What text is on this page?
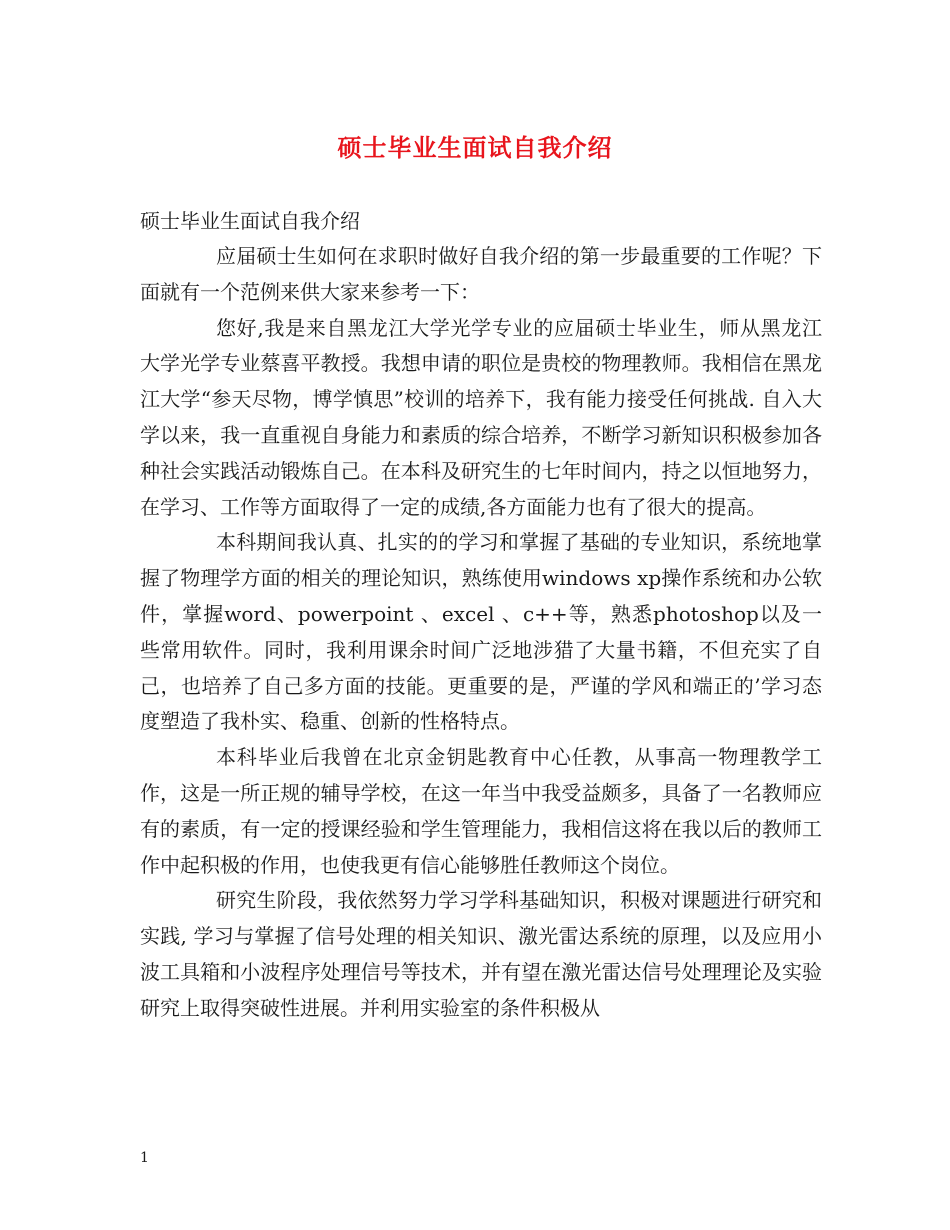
硕士毕业生面试自我介绍
硕士毕业生面试自我介绍

应届硕士生如何在求职时做好自我介绍的第一步最重要的工作呢？下面就有一个范例来供大家来参考一下：

您好,我是来自黑龙江大学光学专业的应届硕士毕业生，师从黑龙江大学光学专业蔡喜平教授。我想申请的职位是贵校的物理教师。我相信在黑龙江大学“参天尽物，博学慎思”校训的培养下，我有能力接受任何挑战. 自入大学以来，我一直重视自身能力和素质的综合培养，不断学习新知识积极参加各种社会实践活动锻炼自己。在本科及研究生的七年时间内，持之以恒地努力，在学习、工作等方面取得了一定的成绩,各方面能力也有了很大的提高。

本科期间我认真、扎实的的学习和掌握了基础的专业知识，系统地掌握了物理学方面的相关的理论知识，熟练使用windows xp操作系统和办公软件，掌握word、powerpoint 、excel 、c++等，熟悉photoshop以及一些常用软件。同时，我利用课余时间广泛地涉猎了大量书籍，不但充实了自己，也培养了自己多方面的技能。更重要的是，严谨的学风和端正的’学习态度塑造了我朴实、稳重、创新的性格特点。

本科毕业后我曾在北京金钥匙教育中心任教，从事高一物理教学工作，这是一所正规的辅导学校，在这一年当中我受益颇多，具备了一名教师应有的素质，有一定的授课经验和学生管理能力，我相信这将在我以后的教师工作中起积极的作用，也使我更有信心能够胜任教师这个岗位。

研究生阶段，我依然努力学习学科基础知识，积极对课题进行研究和实践, 学习与掌握了信号处理的相关知识、激光雷达系统的原理，以及应用小波工具箱和小波程序处理信号等技术，并有望在激光雷达信号处理理论及实验研究上取得突破性进展。并利用实验室的条件积极从

1
